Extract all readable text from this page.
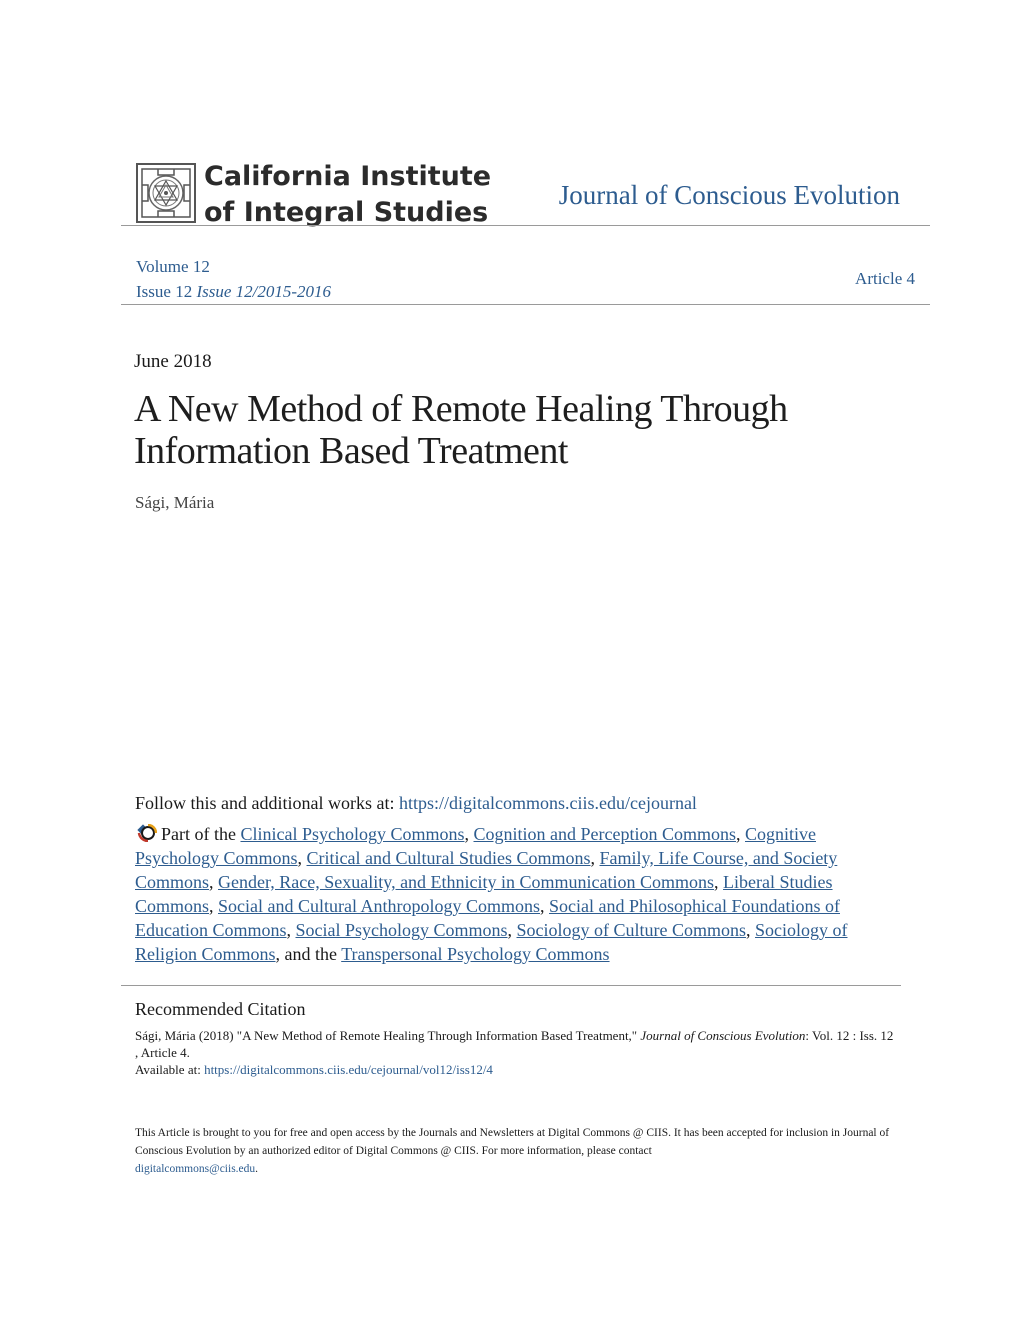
California Institute
of Integral Studies
Journal of Conscious Evolution
Volume 12
Issue 12 Issue 12/2015-2016
Article 4
June 2018
A New Method of Remote Healing Through Information Based Treatment
Sági, Mária
Follow this and additional works at: https://digitalcommons.ciis.edu/cejournal
Part of the Clinical Psychology Commons, Cognition and Perception Commons, Cognitive Psychology Commons, Critical and Cultural Studies Commons, Family, Life Course, and Society Commons, Gender, Race, Sexuality, and Ethnicity in Communication Commons, Liberal Studies Commons, Social and Cultural Anthropology Commons, Social and Philosophical Foundations of Education Commons, Social Psychology Commons, Sociology of Culture Commons, Sociology of Religion Commons, and the Transpersonal Psychology Commons
Recommended Citation
Sági, Mária (2018) "A New Method of Remote Healing Through Information Based Treatment," Journal of Conscious Evolution: Vol. 12 : Iss. 12 , Article 4.
Available at: https://digitalcommons.ciis.edu/cejournal/vol12/iss12/4
This Article is brought to you for free and open access by the Journals and Newsletters at Digital Commons @ CIIS. It has been accepted for inclusion in Journal of Conscious Evolution by an authorized editor of Digital Commons @ CIIS. For more information, please contact
digitalcommons@ciis.edu.
